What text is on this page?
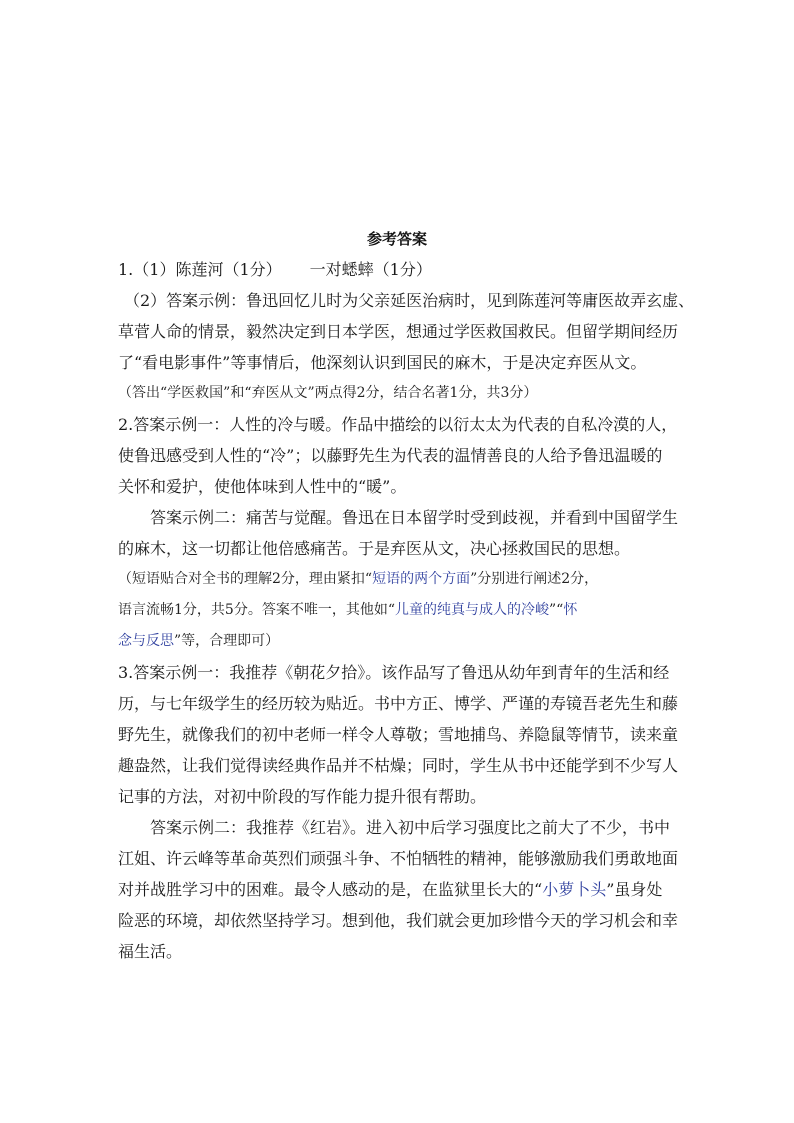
参考答案
1.（1）陈莲河（1分） 一对蟋蟀（1分）
（2）答案示例：鲁迅回忆儿时为父亲延医治病时，见到陈莲河等庸医故弄玄虚、
草菅人命的情景，毅然决定到日本学医，想通过学医救国救民。但留学期间经历
了“看电影事件”等事情后，他深刻认识到国民的麻木，于是决定弃医从文。
（答出“学医救国”和“弃医从文”两点得2分，结合名著1分，共3分）
2.答案示例一：人性的冷与暖。作品中描绘的以衍太太为代表的自私冷漠的人，
使鲁迅感受到人性的“冷”；以藤野先生为代表的温情善良的人给予鲁迅温暖的
关怀和爱护，使他体味到人性中的“暖”。
答案示例二：痛苦与觉醒。鲁迅在日本留学时受到歧视，并看到中国留学生
的麻木，这一切都让他倍感痛苦。于是弃医从文，决心拯救国民的思想。
（短语贴合对全书的理解2分，理由紧扣“短语的两个方面”分别进行阐述2分，
语言流畅1分，共5分。答案不唯一，其他如“儿童的纯真与成人的冷峻”“怀
念与反思”等，合理即可）
3.答案示例一：我推荐《朝花夕拾》。该作品写了鲁迅从幼年到青年的生活和经
历，与七年级学生的经历较为贴近。书中方正、博学、严谨的寿镜吾老先生和藤
野先生，就像我们的初中老师一样令人尊敬；雪地捕鸟、养隐鼠等情节，读来童
趣盎然，让我们觉得读经典作品并不枯燥；同时，学生从书中还能学到不少写人
记事的方法，对初中阶段的写作能力提升很有帮助。
答案示例二：我推荐《红岩》。进入初中后学习强度比之前大了不少，书中
江姐、许云峰等革命英烈们顽强斗争、不怕牺牲的精神，能够激励我们勇敢地面
对并战胜学习中的困难。最令人感动的是，在监狱里长大的“小萝卜头”虽身处
险恶的环境，却依然坚持学习。想到他，我们就会更加珍惜今天的学习机会和幸
福生活。
